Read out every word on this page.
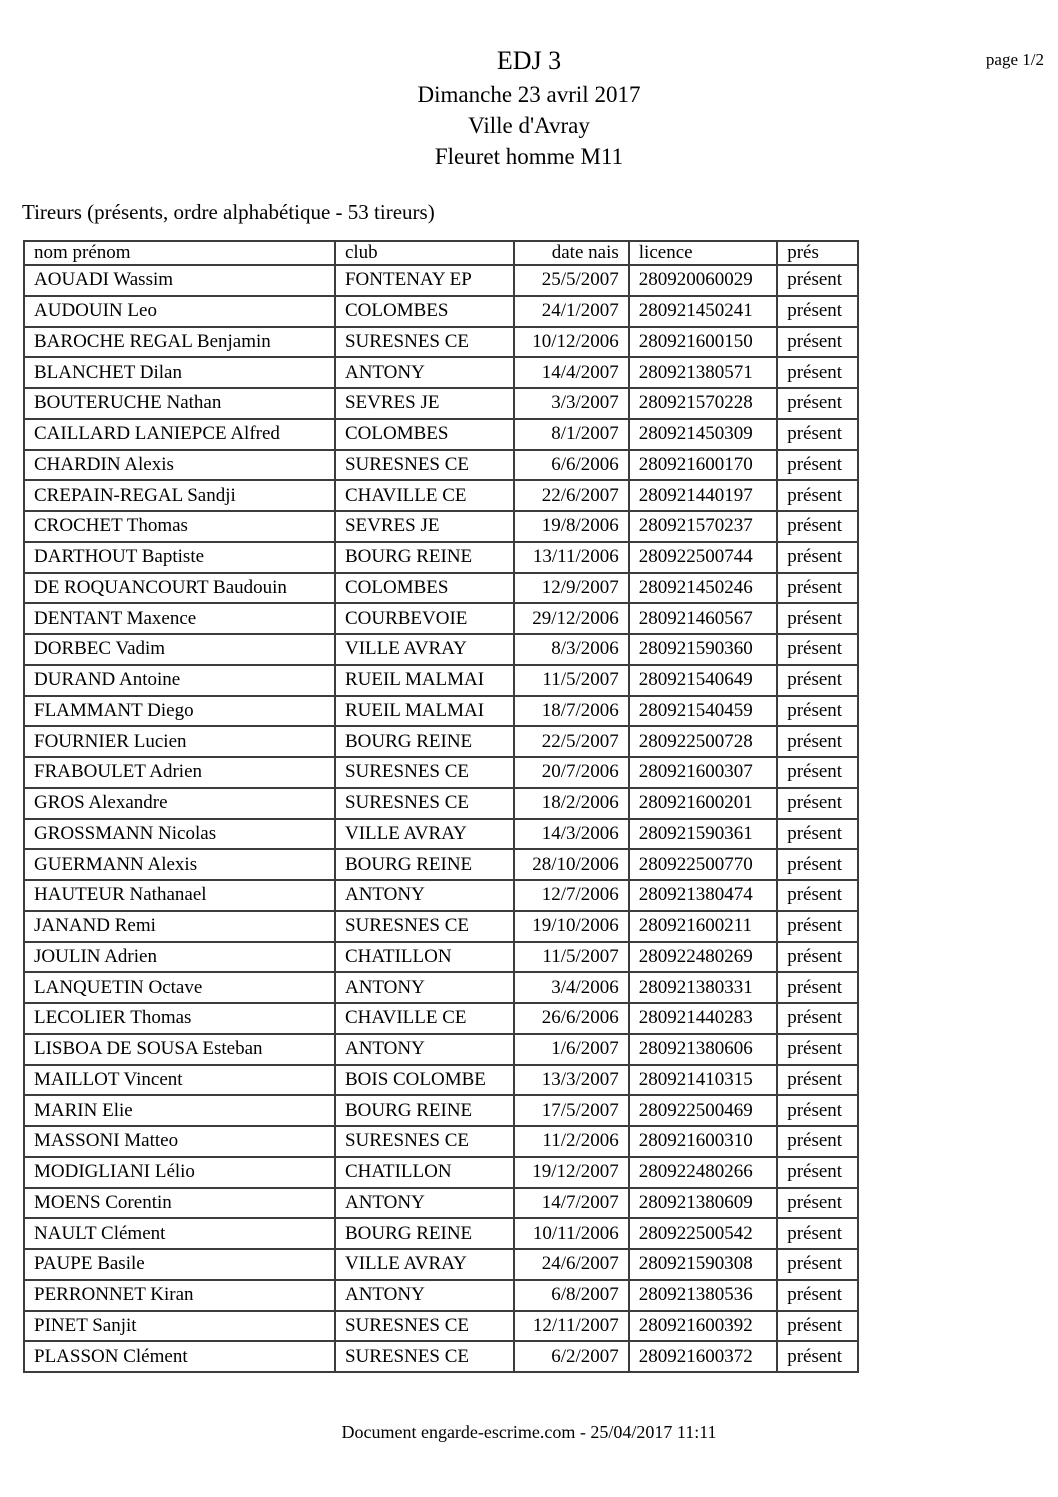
page 1/2
EDJ 3
Dimanche 23 avril 2017
Ville d'Avray
Fleuret homme M11
Tireurs (présents, ordre alphabétique - 53 tireurs)
nom prénom	club	date nais	licence	prés
AOUADI Wassim	FONTENAY EP	25/5/2007	280920060029	présent
AUDOUIN Leo	COLOMBES	24/1/2007	280921450241	présent
BAROCHE REGAL Benjamin	SURESNES CE	10/12/2006	280921600150	présent
BLANCHET Dilan	ANTONY	14/4/2007	280921380571	présent
BOUTERUCHE Nathan	SEVRES JE	3/3/2007	280921570228	présent
CAILLARD LANIEPCE Alfred	COLOMBES	8/1/2007	280921450309	présent
CHARDIN Alexis	SURESNES CE	6/6/2006	280921600170	présent
CREPAIN-REGAL Sandji	CHAVILLE CE	22/6/2007	280921440197	présent
CROCHET Thomas	SEVRES JE	19/8/2006	280921570237	présent
DARTHOUT Baptiste	BOURG REINE	13/11/2006	280922500744	présent
DE ROQUANCOURT Baudouin	COLOMBES	12/9/2007	280921450246	présent
DENTANT Maxence	COURBEVOIE	29/12/2006	280921460567	présent
DORBEC Vadim	VILLE AVRAY	8/3/2006	280921590360	présent
DURAND Antoine	RUEIL MALMAI	11/5/2007	280921540649	présent
FLAMMANT Diego	RUEIL MALMAI	18/7/2006	280921540459	présent
FOURNIER Lucien	BOURG REINE	22/5/2007	280922500728	présent
FRABOULET Adrien	SURESNES CE	20/7/2006	280921600307	présent
GROS Alexandre	SURESNES CE	18/2/2006	280921600201	présent
GROSSMANN Nicolas	VILLE AVRAY	14/3/2006	280921590361	présent
GUERMANN Alexis	BOURG REINE	28/10/2006	280922500770	présent
HAUTEUR Nathanael	ANTONY	12/7/2006	280921380474	présent
JANAND Remi	SURESNES CE	19/10/2006	280921600211	présent
JOULIN Adrien	CHATILLON	11/5/2007	280922480269	présent
LANQUETIN Octave	ANTONY	3/4/2006	280921380331	présent
LECOLIER Thomas	CHAVILLE CE	26/6/2006	280921440283	présent
LISBOA DE SOUSA Esteban	ANTONY	1/6/2007	280921380606	présent
MAILLOT Vincent	BOIS COLOMBE	13/3/2007	280921410315	présent
MARIN Elie	BOURG REINE	17/5/2007	280922500469	présent
MASSONI Matteo	SURESNES CE	11/2/2006	280921600310	présent
MODIGLIANI Lélio	CHATILLON	19/12/2007	280922480266	présent
MOENS Corentin	ANTONY	14/7/2007	280921380609	présent
NAULT Clément	BOURG REINE	10/11/2006	280922500542	présent
PAUPE Basile	VILLE AVRAY	24/6/2007	280921590308	présent
PERRONNET Kiran	ANTONY	6/8/2007	280921380536	présent
PINET Sanjit	SURESNES CE	12/11/2007	280921600392	présent
PLASSON Clément	SURESNES CE	6/2/2007	280921600372	présent
Document engarde-escrime.com - 25/04/2017 11:11
